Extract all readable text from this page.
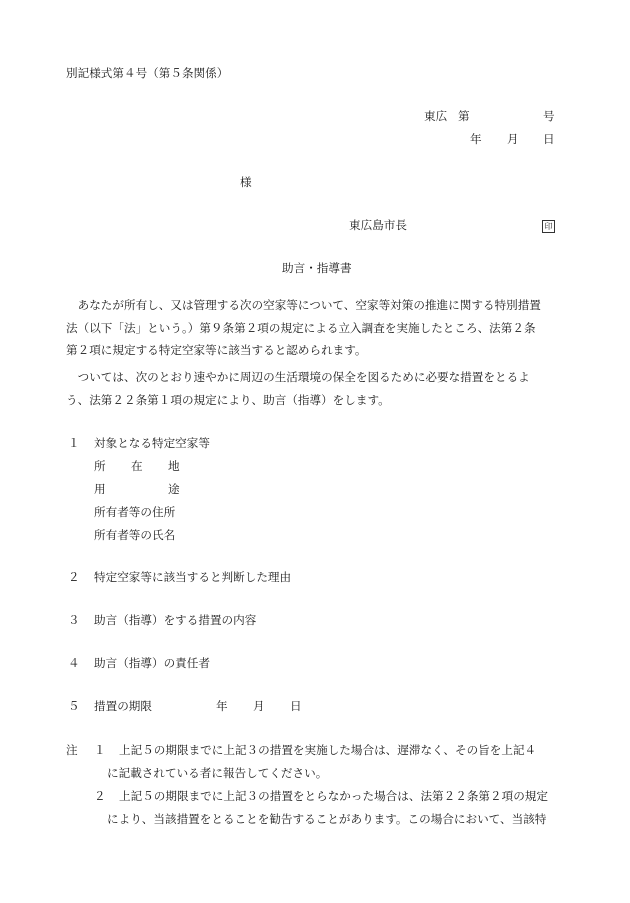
別記様式第４号（第５条関係）
東広 第	号
年 月 日
様
東広島市長	印
助言・指導書
　あなたが所有し、又は管理する次の空家等について、空家等対策の推進に関する特別措置
法（以下「法」という。）第９条第２項の規定による立入調査を実施したところ、法第２条
第２項に規定する特定空家等に該当すると認められます。
　ついては、次のとおり速やかに周辺の生活環境の保全を図るために必要な措置をとるよ
う、法第２２条第１項の規定により、助言（指導）をします。
１ 対象となる特定空家等
所 在 地
用	途
所有者等の住所
所有者等の氏名
２ 特定空家等に該当すると判断した理由
３ 助言（指導）をする措置の内容
４ 助言（指導）の責任者
５ 措置の期限	年 月 日
注 １ 上記５の期限までに上記３の措置を実施した場合は、遅滞なく、その旨を上記４
に記載されている者に報告してください。
２ 上記５の期限までに上記３の措置をとらなかった場合は、法第２２条第２項の規定
により、当該措置をとることを勧告することがあります。この場合において、当該特
